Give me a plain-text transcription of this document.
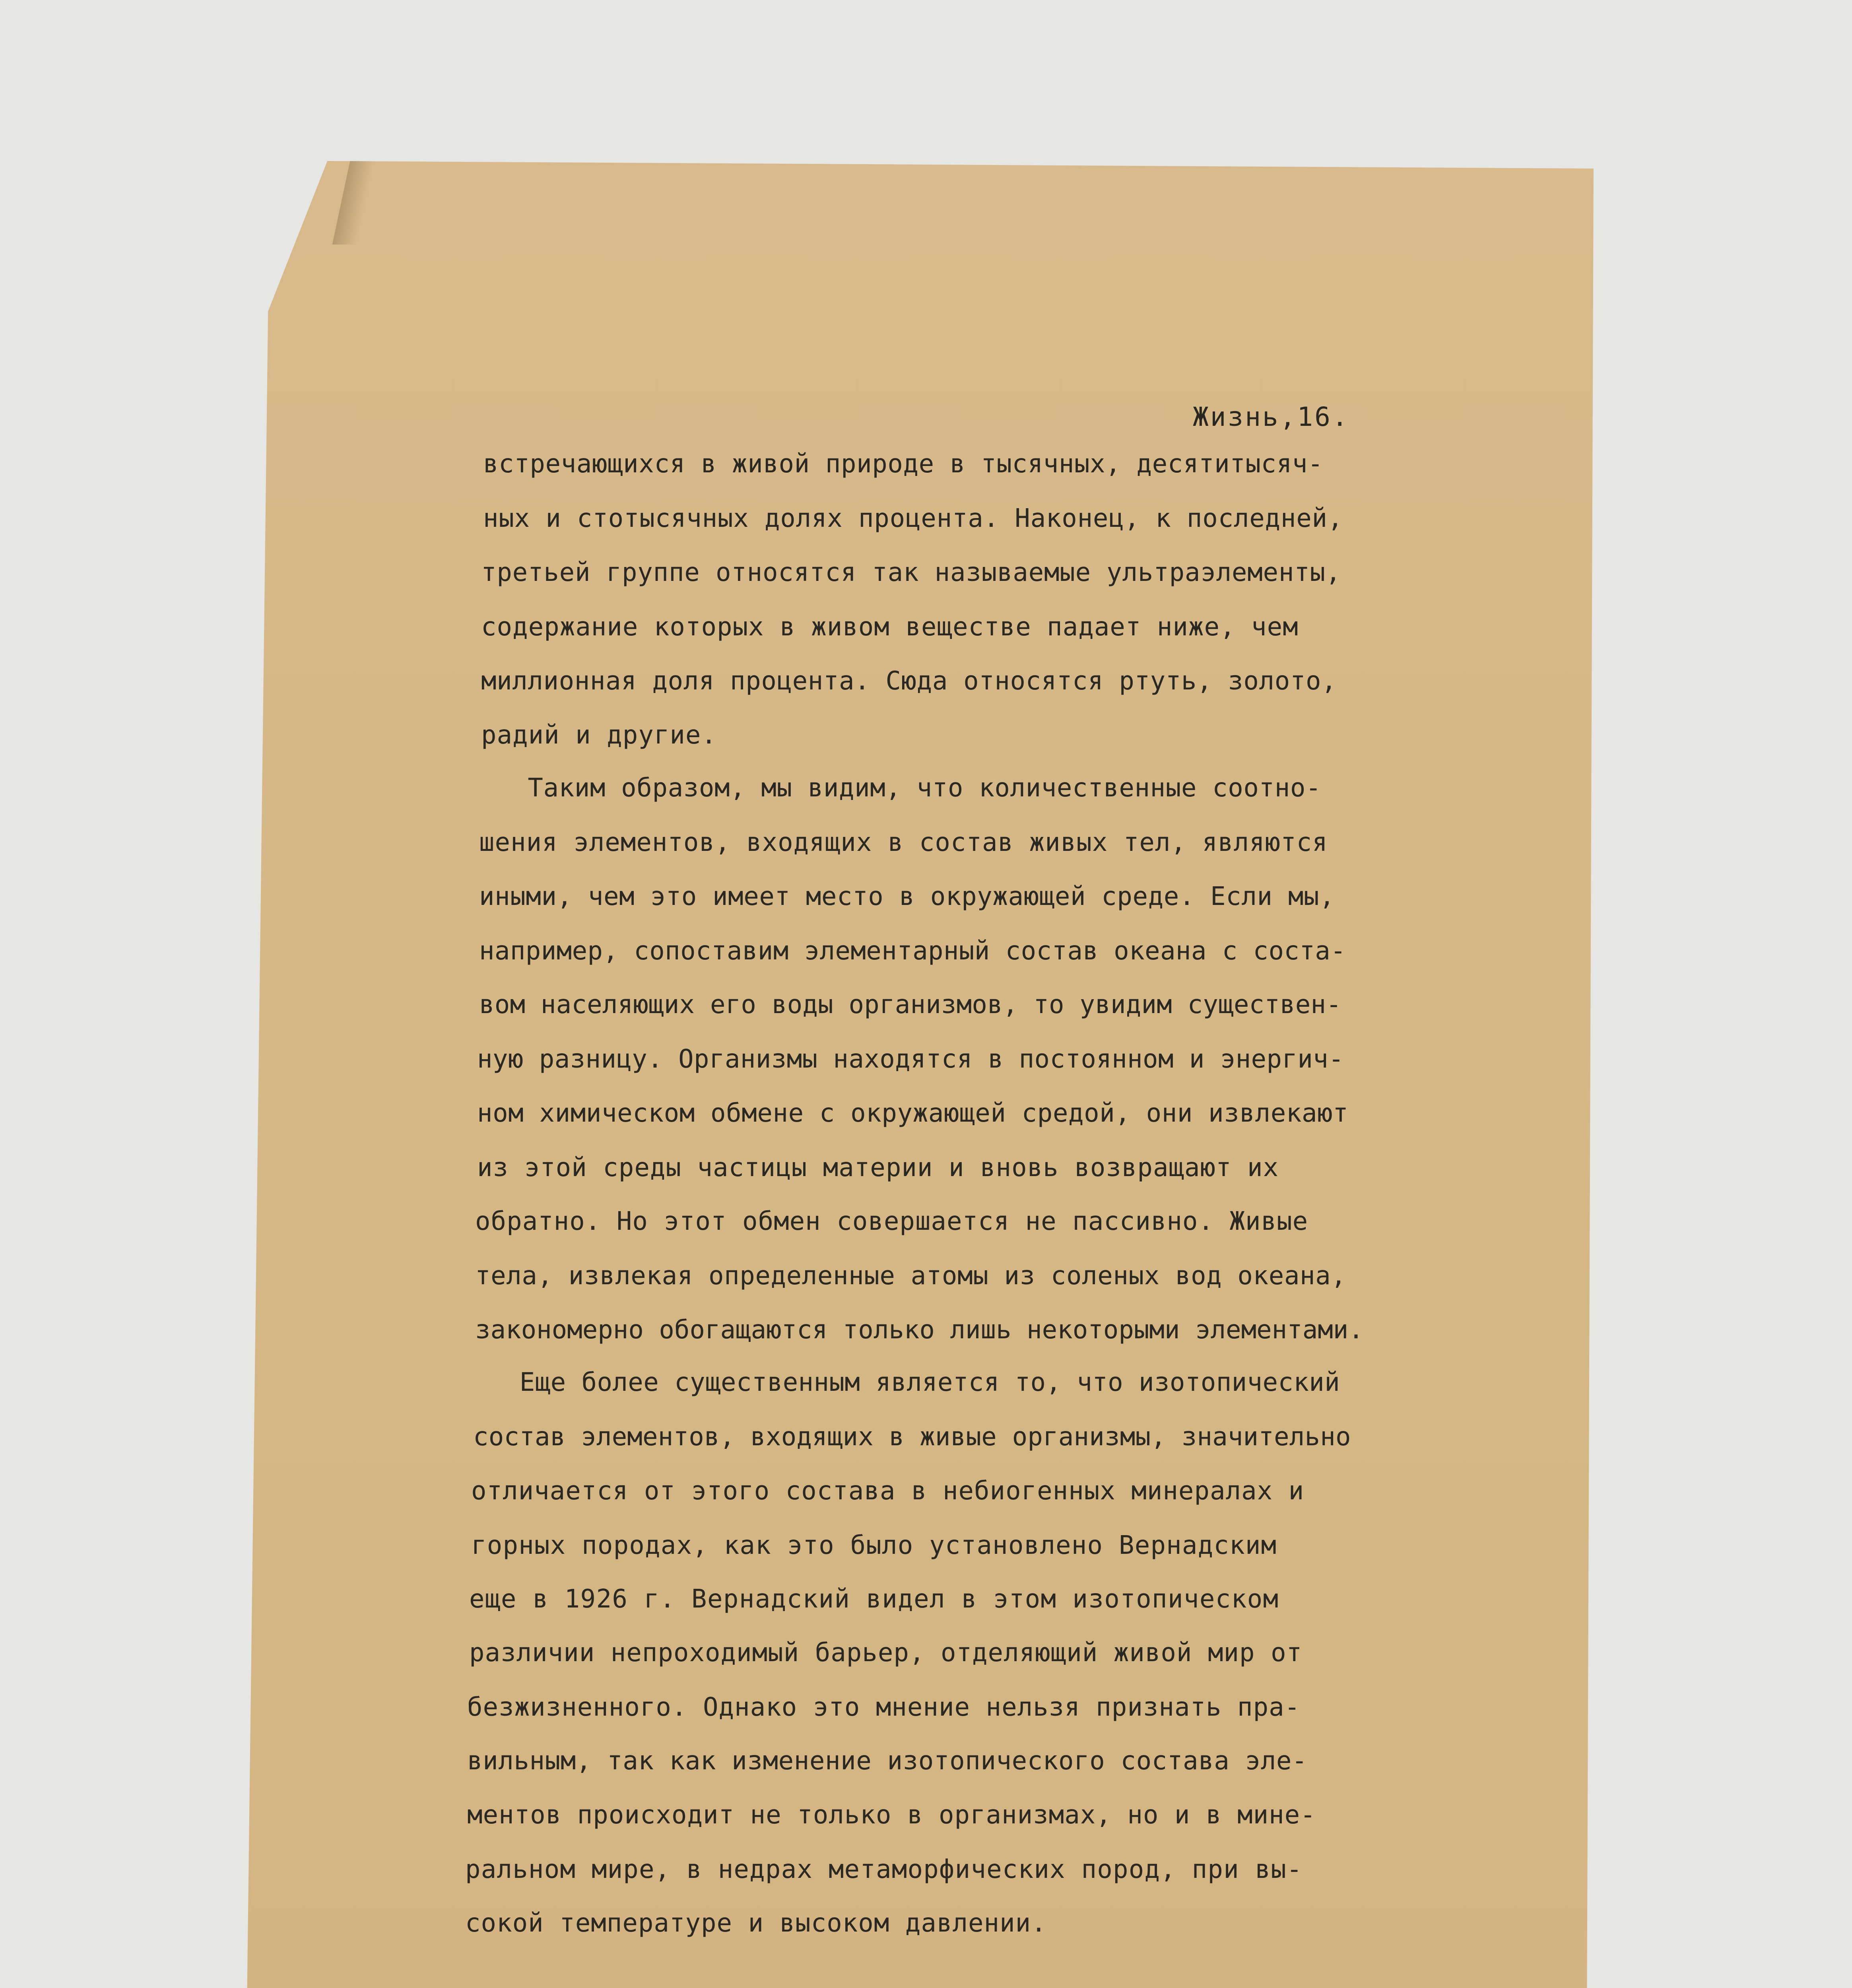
Жизнь,16.
встречающихся в живой природе в тысячных, десятитысяч-
ных и стотысячных долях процента. Наконец, к последней,
третьей группе относятся так называемые ультраэлементы,
содержание которых в живом веществе падает ниже, чем
миллионная доля процента. Сюда относятся ртуть, золото,
радий и другие.
Таким образом, мы видим, что количественные соотно-
шения элементов, входящих в состав живых тел, являются
иными, чем это имеет место в окружающей среде. Если мы,
например, сопоставим элементарный состав океана с соста-
вом населяющих его воды организмов, то увидим существен-
ную разницу. Организмы находятся в постоянном и энергич-
ном химическом обмене с окружающей средой, они извлекают
из этой среды частицы материи и вновь возвращают их
обратно. Но этот обмен совершается не пассивно. Живые
тела, извлекая определенные атомы из соленых вод океана,
закономерно обогащаются только лишь некоторыми элементами.
Еще более существенным является то, что изотопический
состав элементов, входящих в живые организмы, значительно
отличается от этого состава в небиогенных минералах и
горных породах, как это было установлено Вернадским
еще в 1926 г. Вернадский видел в этом изотопическом
различии непроходимый барьер, отделяющий живой мир от
безжизненного. Однако это мнение нельзя признать пра-
вильным, так как изменение изотопического состава эле-
ментов происходит не только в организмах, но и в мине-
ральном мире, в недрах метаморфических пород, при вы-
сокой температуре и высоком давлении.
